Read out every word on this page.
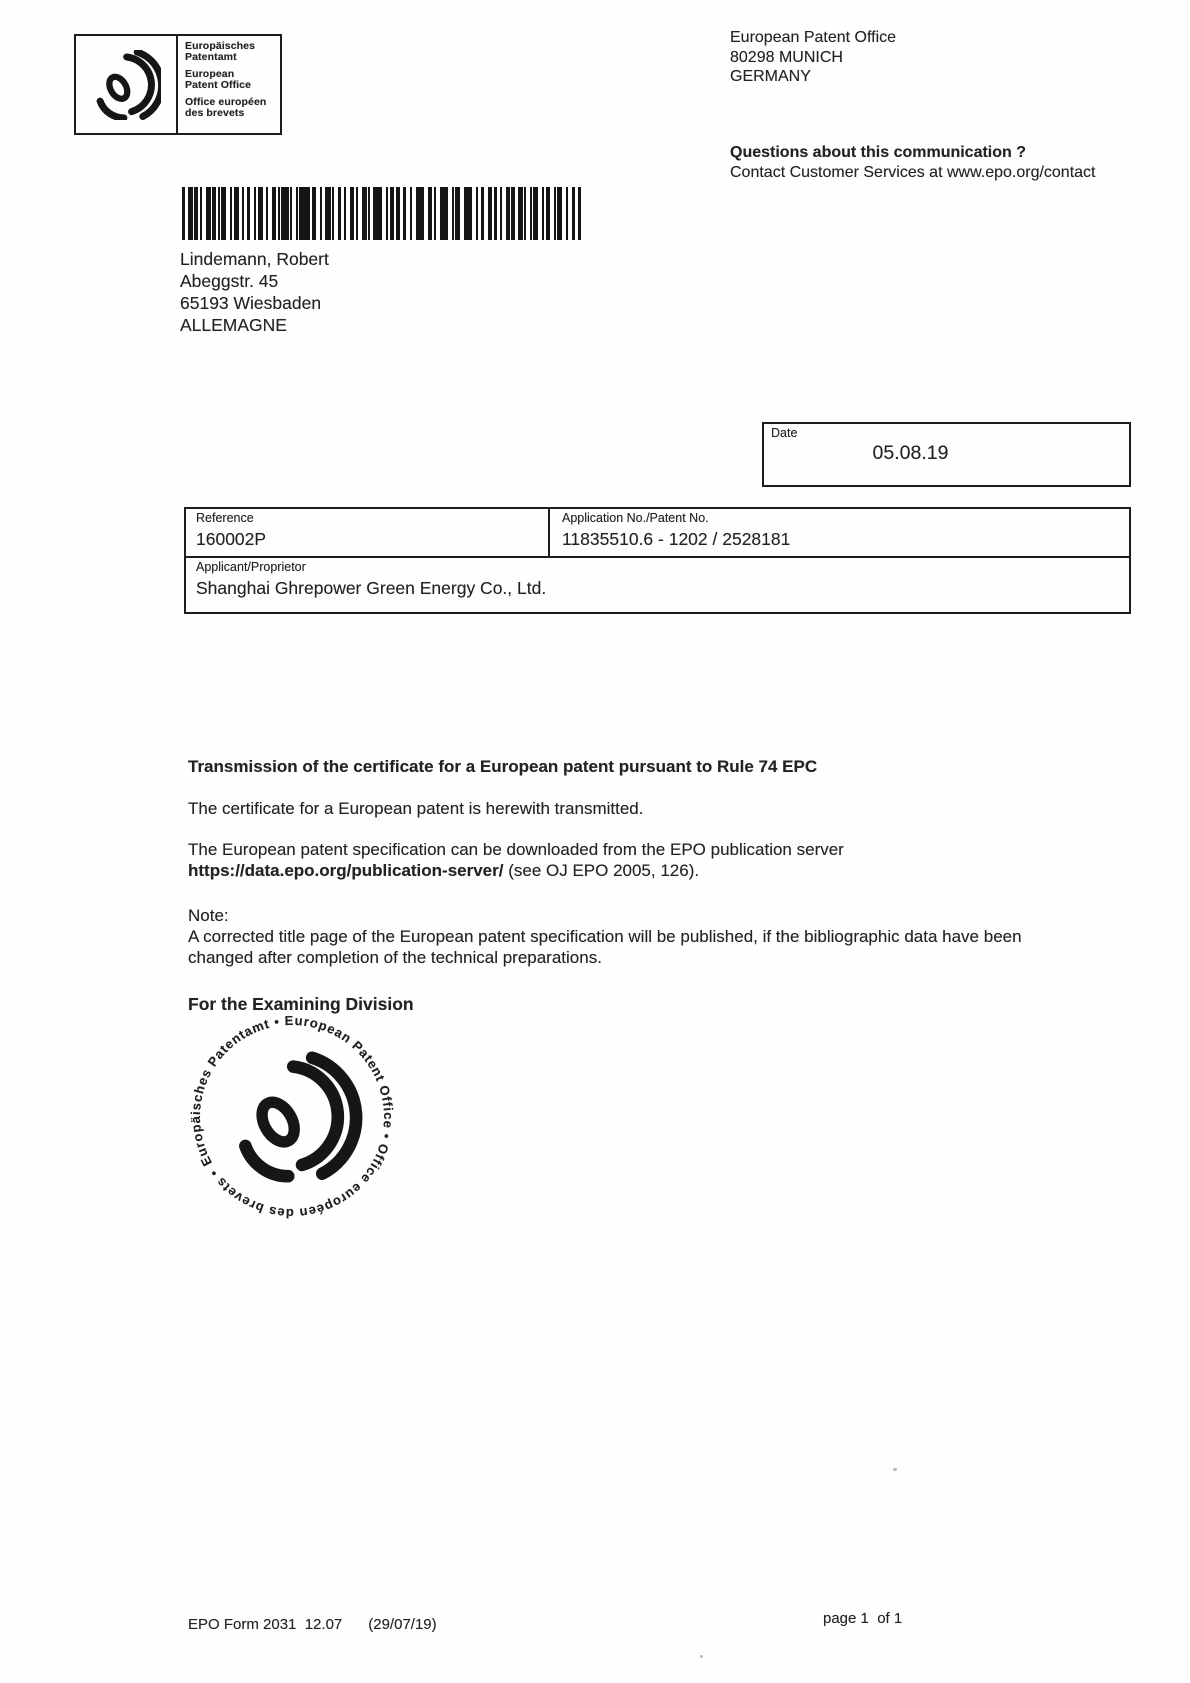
Europäisches
Patentamt
European
Patent Office
Office européen
des brevets
European Patent Office
80298 MUNICH
GERMANY
Questions about this communication ?
Contact Customer Services at www.epo.org/contact
Lindemann, Robert
Abeggstr. 45
65193 Wiesbaden
ALLEMAGNE
Date
05.08.19
Reference
160002P
Application No./Patent No.
11835510.6 - 1202 / 2528181
Applicant/Proprietor
Shanghai Ghrepower Green Energy Co., Ltd.
Transmission of the certificate for a European patent pursuant to Rule 74 EPC
The certificate for a European patent is herewith transmitted.
The European patent specification can be downloaded from the EPO publication server
https://data.epo.org/publication-server/ (see OJ EPO 2005, 126).
Note:
A corrected title page of the European patent specification will be published, if the bibliographic data have been changed after completion of the technical preparations.
For the Examining Division
Europäisches Patentamt • European Patent Office • Office européen des brevets •
EPO Form 2031  12.07 (29/07/19)	page 1  of 1
